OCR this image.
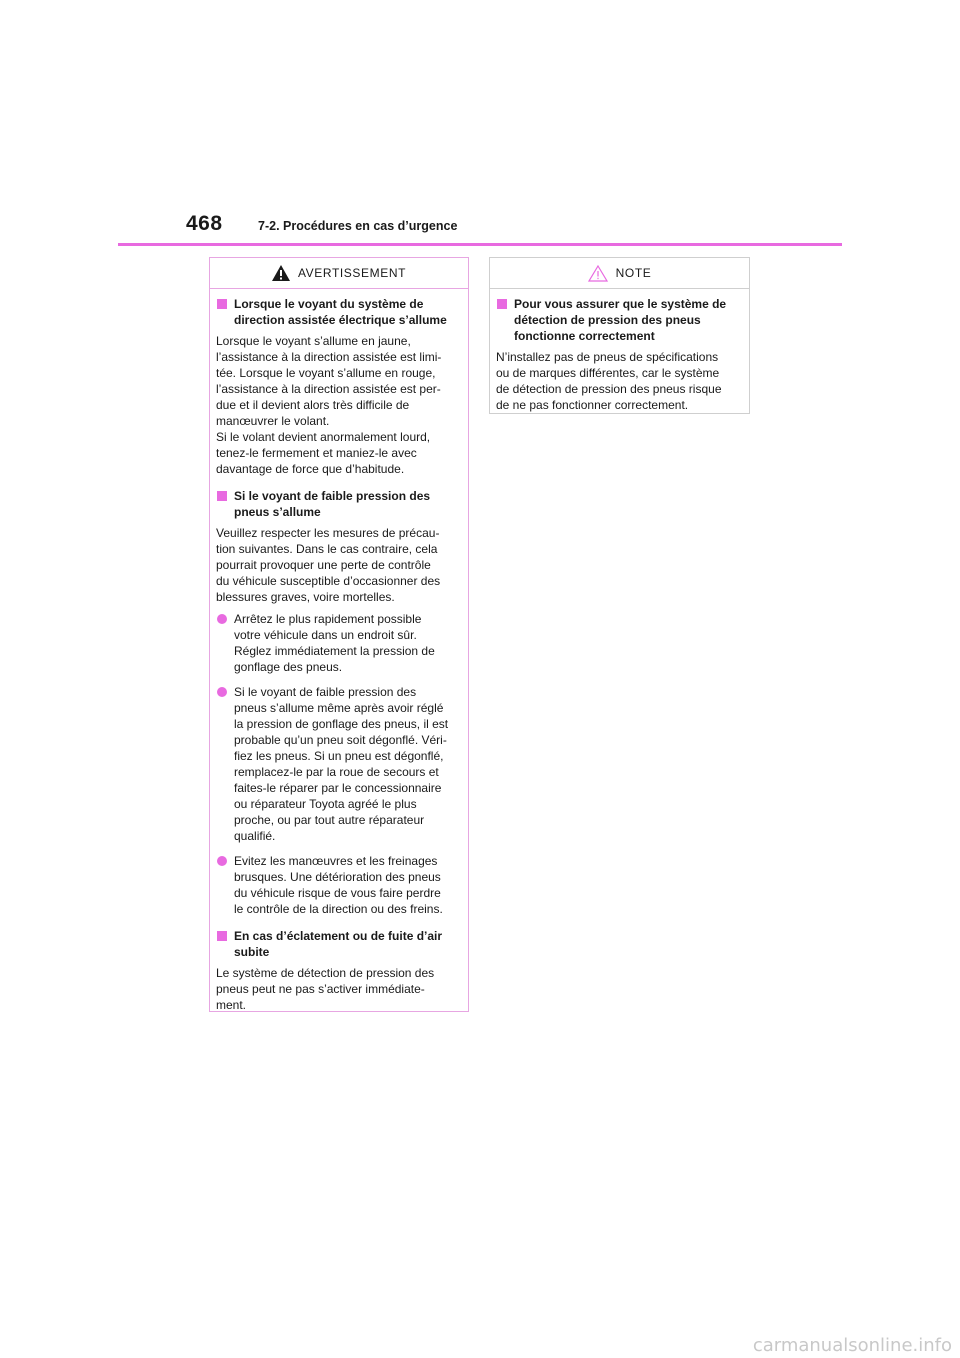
468	7-2. Procédures en cas d’urgence
AVERTISSEMENT
Lorsque le voyant du système de
direction assistée électrique s’allume
Lorsque le voyant s’allume en jaune,
l’assistance à la direction assistée est limi-
tée. Lorsque le voyant s’allume en rouge,
l’assistance à la direction assistée est per-
due et il devient alors très difficile de
manœuvrer le volant.
Si le volant devient anormalement lourd,
tenez-le fermement et maniez-le avec
davantage de force que d’habitude.
Si le voyant de faible pression des
pneus s’allume
Veuillez respecter les mesures de précau-
tion suivantes. Dans le cas contraire, cela
pourrait provoquer une perte de contrôle
du véhicule susceptible d’occasionner des
blessures graves, voire mortelles.
Arrêtez le plus rapidement possible
votre véhicule dans un endroit sûr.
Réglez immédiatement la pression de
gonflage des pneus.
Si le voyant de faible pression des
pneus s’allume même après avoir réglé
la pression de gonflage des pneus, il est
probable qu’un pneu soit dégonflé. Véri-
fiez les pneus. Si un pneu est dégonflé,
remplacez-le par la roue de secours et
faites-le réparer par le concessionnaire
ou réparateur Toyota agréé le plus
proche, ou par tout autre réparateur
qualifié.
Evitez les manœuvres et les freinages
brusques. Une détérioration des pneus
du véhicule risque de vous faire perdre
le contrôle de la direction ou des freins.
En cas d’éclatement ou de fuite d’air
subite
Le système de détection de pression des
pneus peut ne pas s’activer immédiate-
ment.
NOTE
Pour vous assurer que le système de
détection de pression des pneus
fonctionne correctement
N’installez pas de pneus de spécifications
ou de marques différentes, car le système
de détection de pression des pneus risque
de ne pas fonctionner correctement.
carmanualsonline.info
